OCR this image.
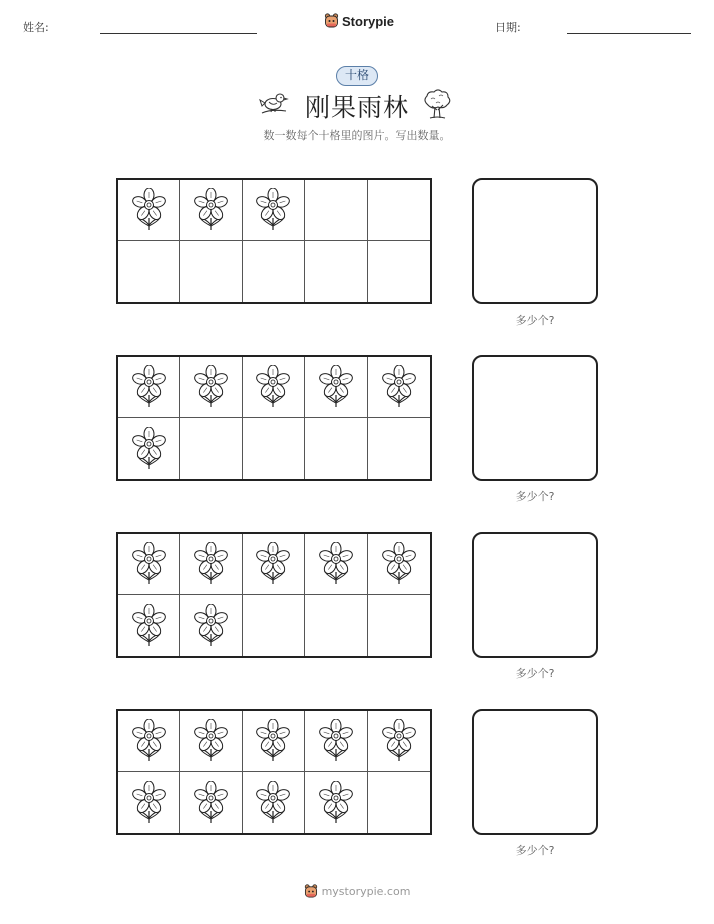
姓名:	Storypie	日期:
十格
刚果雨林
数一数每个十格里的图片。写出数量。
多少个?
多少个?
多少个?
多少个?
mystorypie.com
